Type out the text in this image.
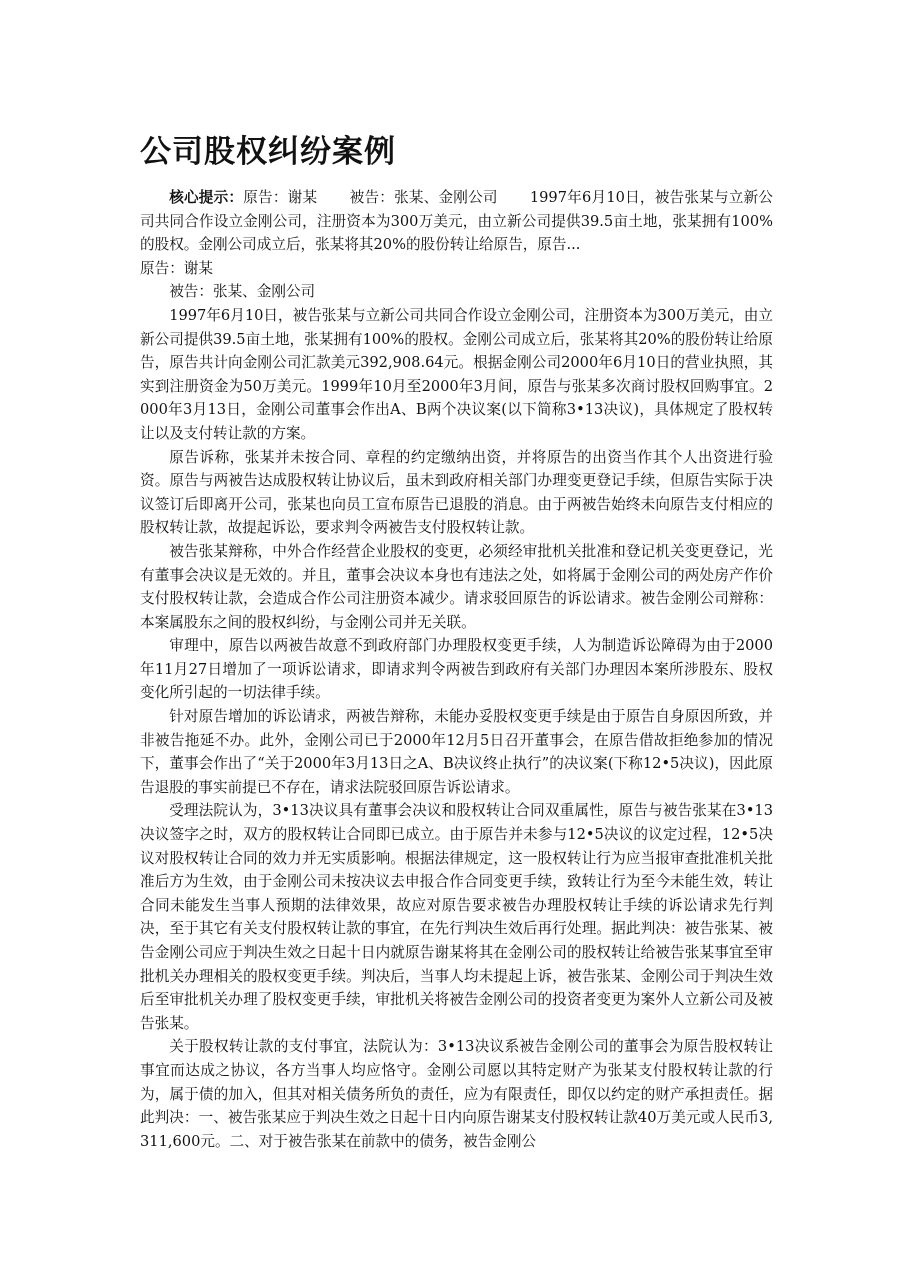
公司股权纠纷案例

核心提示：原告：谢某 被告：张某、金刚公司 1997年6月10日，被告张某与立新公司共同合作设立金刚公司，注册资本为300万美元，由立新公司提供39.5亩土地，张某拥有100%的股权。金刚公司成立后，张某将其20%的股份转让给原告，原告...

原告：谢某

被告：张某、金刚公司

1997年6月10日，被告张某与立新公司共同合作设立金刚公司，注册资本为300万美元，由立新公司提供39.5亩土地，张某拥有100%的股权。金刚公司成立后，张某将其20%的股份转让给原告，原告共计向金刚公司汇款美元392,908.64元。根据金刚公司2000年6月10日的营业执照，其实到注册资金为50万美元。1999年10月至2000年3月间，原告与张某多次商讨股权回购事宜。2000年3月13日，金刚公司董事会作出A、B两个决议案(以下简称3•13决议)，具体规定了股权转让以及支付转让款的方案。

原告诉称，张某并未按合同、章程的约定缴纳出资，并将原告的出资当作其个人出资进行验资。原告与两被告达成股权转让协议后，虽未到政府相关部门办理变更登记手续，但原告实际于决议签订后即离开公司，张某也向员工宣布原告已退股的消息。由于两被告始终未向原告支付相应的股权转让款，故提起诉讼，要求判令两被告支付股权转让款。

被告张某辩称，中外合作经营企业股权的变更，必须经审批机关批准和登记机关变更登记，光有董事会决议是无效的。并且，董事会决议本身也有违法之处，如将属于金刚公司的两处房产作价支付股权转让款，会造成合作公司注册资本减少。请求驳回原告的诉讼请求。被告金刚公司辩称：本案属股东之间的股权纠纷，与金刚公司并无关联。

审理中，原告以两被告故意不到政府部门办理股权变更手续，人为制造诉讼障碍为由于2000年11月27日增加了一项诉讼请求，即请求判令两被告到政府有关部门办理因本案所涉股东、股权变化所引起的一切法律手续。

针对原告增加的诉讼请求，两被告辩称，未能办妥股权变更手续是由于原告自身原因所致，并非被告拖延不办。此外，金刚公司已于2000年12月5日召开董事会，在原告借故拒绝参加的情况下，董事会作出了“关于2000年3月13日之A、B决议终止执行”的决议案(下称12•5决议)，因此原告退股的事实前提已不存在，请求法院驳回原告诉讼请求。

受理法院认为，3•13决议具有董事会决议和股权转让合同双重属性，原告与被告张某在3•13决议签字之时，双方的股权转让合同即已成立。由于原告并未参与12•5决议的议定过程，12•5决议对股权转让合同的效力并无实质影响。根据法律规定，这一股权转让行为应当报审查批准机关批准后方为生效，由于金刚公司未按决议去申报合作合同变更手续，致转让行为至今未能生效，转让合同未能发生当事人预期的法律效果，故应对原告要求被告办理股权转让手续的诉讼请求先行判决，至于其它有关支付股权转让款的事宜，在先行判决生效后再行处理。据此判决：被告张某、被告金刚公司应于判决生效之日起十日内就原告谢某将其在金刚公司的股权转让给被告张某事宜至审批机关办理相关的股权变更手续。判决后，当事人均未提起上诉，被告张某、金刚公司于判决生效后至审批机关办理了股权变更手续，审批机关将被告金刚公司的投资者变更为案外人立新公司及被告张某。

关于股权转让款的支付事宜，法院认为：3•13决议系被告金刚公司的董事会为原告股权转让事宜而达成之协议，各方当事人均应恪守。金刚公司愿以其特定财产为张某支付股权转让款的行为，属于债的加入，但其对相关债务所负的责任，应为有限责任，即仅以约定的财产承担责任。据此判决：一、被告张某应于判决生效之日起十日内向原告谢某支付股权转让款40万美元或人民币3,311,600元。二、对于被告张某在前款中的债务，被告金刚公
